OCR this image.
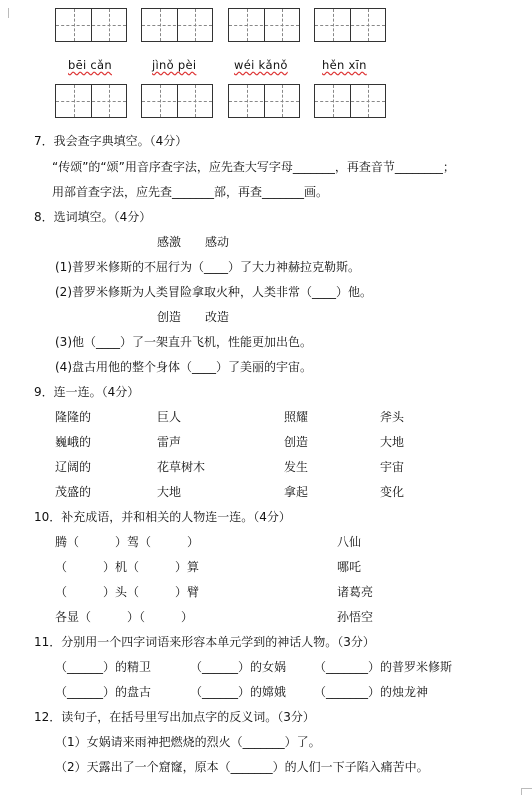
bēi cǎn	jìnǒ pèi	wéi kǎnǒ	hěn xīn
7．我会查字典填空。（4分）
“传颂”的“颂”用音序查字法，应先查大写字母_______，再查音节________；
用部首查字法，应先查_______部，再查_______画。
8．选词填空。（4分）
感激　　感动
(1)普罗米修斯的不屈行为（____）了大力神赫拉克勒斯。
(2)普罗米修斯为人类冒险拿取火种，人类非常（____）他。
创造　　改造
(3)他（____）了一架直升飞机，性能更加出色。
(4)盘古用他的整个身体（____）了美丽的宇宙。
9．连一连。（4分）
隆隆的	巨人	照耀	斧头
巍峨的	雷声	创造	大地
辽阔的	花草树木	发生	宇宙
茂盛的	大地	拿起	变化
10．补充成语，并和相关的人物连一连。（4分）
腾（　　　）驾（　　　）	八仙
（　　　）机（　　　）算	哪吒
（　　　）头（　　　）臂	诸葛亮
各显（　　　）（　　　）	孙悟空
11．分别用一个四字词语来形容本单元学到的神话人物。（3分）
（______）的精卫	（______）的女娲 （_______）的普罗米修斯
（______）的盘古	（______）的嫦娥 （_______）的烛龙神
12．读句子，在括号里写出加点字的反义词。（3分）
（1）女娲请来雨神把燃烧的烈火（_______）了。
（2）天露出了一个窟窿，原本（_______）的人们一下子陷入痛苦中。
